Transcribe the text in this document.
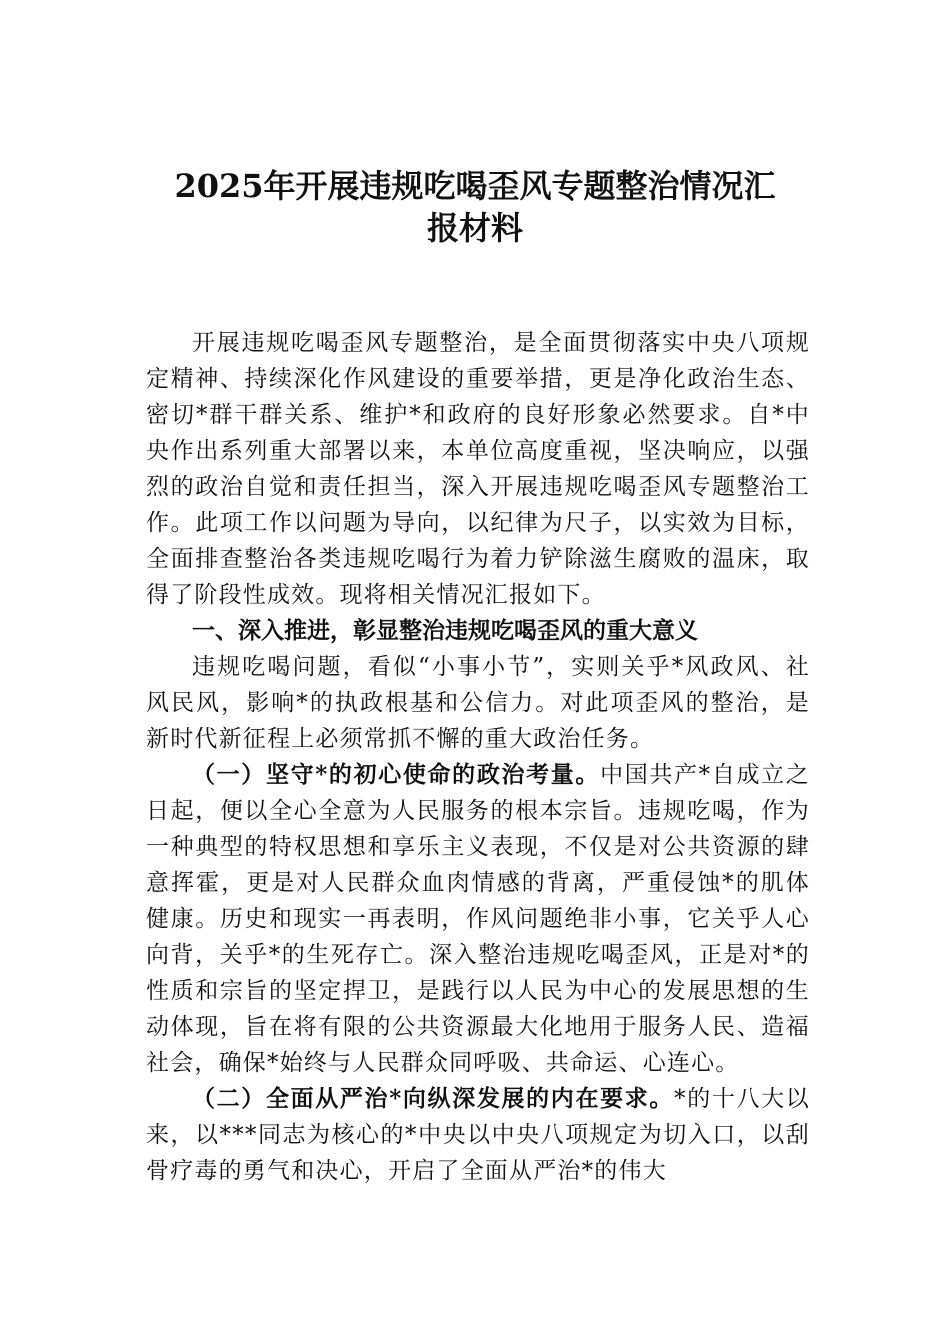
2025年开展违规吃喝歪风专题整治情况汇
报材料

开展违规吃喝歪风专题整治，是全面贯彻落实中央八项规定精神、持续深化作风建设的重要举措，更是净化政治生态、密切*群干群关系、维护*和政府的良好形象必然要求。自*中央作出系列重大部署以来，本单位高度重视，坚决响应，以强烈的政治自觉和责任担当，深入开展违规吃喝歪风专题整治工作。此项工作以问题为导向，以纪律为尺子，以实效为目标，全面排查整治各类违规吃喝行为着力铲除滋生腐败的温床，取得了阶段性成效。现将相关情况汇报如下。

一、深入推进，彰显整治违规吃喝歪风的重大意义

违规吃喝问题，看似“小事小节”，实则关乎*风政风、社风民风，影响*的执政根基和公信力。对此项歪风的整治，是新时代新征程上必须常抓不懈的重大政治任务。

（一）坚守*的初心使命的政治考量。中国共产*自成立之日起，便以全心全意为人民服务的根本宗旨。违规吃喝，作为一种典型的特权思想和享乐主义表现，不仅是对公共资源的肆意挥霍，更是对人民群众血肉情感的背离，严重侵蚀*的肌体健康。历史和现实一再表明，作风问题绝非小事，它关乎人心向背，关乎*的生死存亡。深入整治违规吃喝歪风，正是对*的性质和宗旨的坚定捍卫，是践行以人民为中心的发展思想的生动体现，旨在将有限的公共资源最大化地用于服务人民、造福社会，确保*始终与人民群众同呼吸、共命运、心连心。

（二）全面从严治*向纵深发展的内在要求。*的十八大以来，以***同志为核心的*中央以中央八项规定为切入口，以刮骨疗毒的勇气和决心，开启了全面从严治*的伟大
